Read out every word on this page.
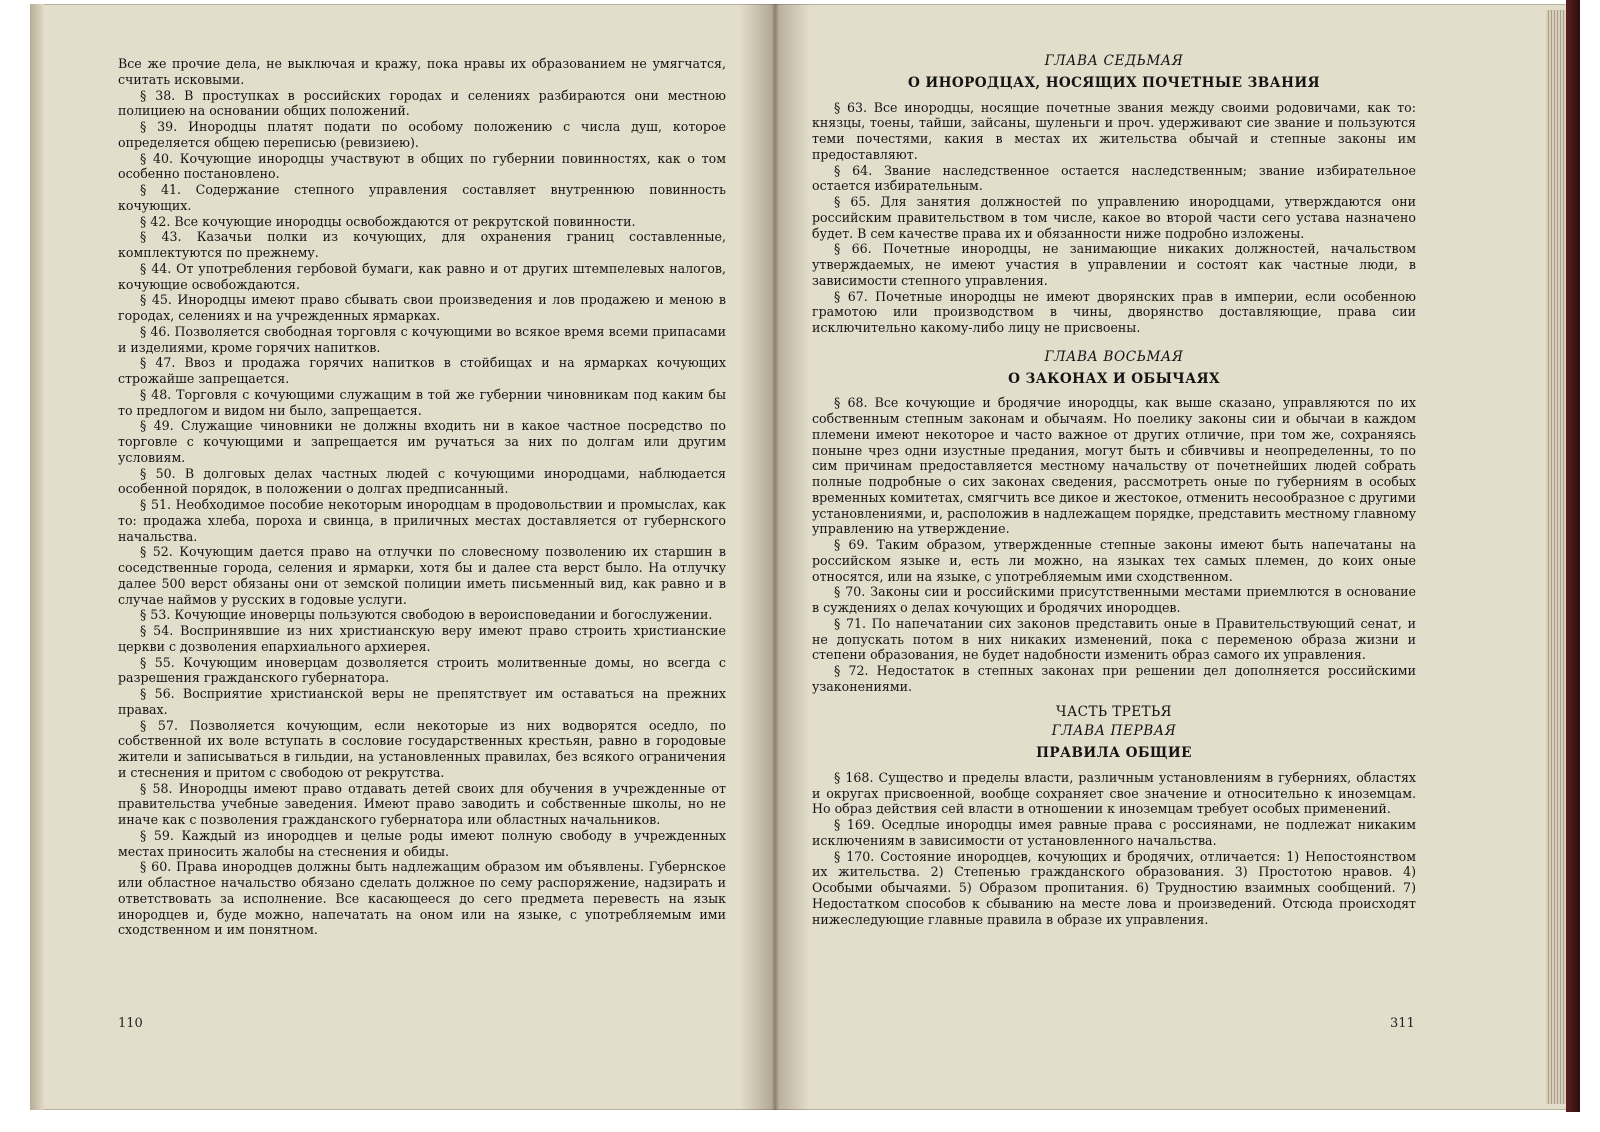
Все же прочие дела, не выключая и кражу, пока нравы их образованием не умягчатся, считать исковыми.

§ 38. В проступках в российских городах и селениях разбираются они местною полициею на основании общих положений.

§ 39. Инородцы платят подати по особому положению с числа душ, которое определяется общею переписью (ревизиею).

§ 40. Кочующие инородцы участвуют в общих по губернии повинностях, как о том особенно постановлено.

§ 41. Содержание степного управления составляет внутреннюю повинность кочующих.

§ 42. Все кочующие инородцы освобождаются от рекрутской повинности.

§ 43. Казачьи полки из кочующих, для охранения границ составленные, комплектуются по прежнему.

§ 44. От употребления гербовой бумаги, как равно и от других штемпелевых налогов, кочующие освобождаются.

§ 45. Инородцы имеют право сбывать свои произведения и лов продажею и меною в городах, селениях и на учрежденных ярмарках.

§ 46. Позволяется свободная торговля с кочующими во всякое время всеми припасами и изделиями, кроме горячих напитков.

§ 47. Ввоз и продажа горячих напитков в стойбищах и на ярмарках кочующих строжайше запрещается.

§ 48. Торговля с кочующими служащим в той же губернии чиновникам под каким бы то предлогом и видом ни было, запрещается.

§ 49. Служащие чиновники не должны входить ни в какое частное посредство по торговле с кочующими и запрещается им ручаться за них по долгам или другим условиям.

§ 50. В долговых делах частных людей с кочующими инородцами, наблюдается особенной порядок, в положении о долгах предписанный.

§ 51. Необходимое пособие некоторым инородцам в продовольствии и промыслах, как то: продажа хлеба, пороха и свинца, в приличных местах доставляется от губернского начальства.

§ 52. Кочующим дается право на отлучки по словесному позволению их старшин в соседственные города, селения и ярмарки, хотя бы и далее ста верст было. На отлучку далее 500 верст обязаны они от земской полиции иметь письменный вид, как равно и в случае наймов у русских в годовые услуги.

§ 53. Кочующие иноверцы пользуются свободою в вероисповедании и богослужении.

§ 54. Воспринявшие из них христианскую веру имеют право строить христианские церкви с дозволения епархиального архиерея.

§ 55. Кочующим иноверцам дозволяется строить молитвенные домы, но всегда с разрешения гражданского губернатора.

§ 56. Восприятие христианской веры не препятствует им оставаться на прежних правах.

§ 57. Позволяется кочующим, если некоторые из них водворятся оседло, по собственной их воле вступать в сословие государственных крестьян, равно в городовые жители и записываться в гильдии, на установленных правилах, без всякого ограничения и стеснения и притом с свободою от рекрутства.

§ 58. Инородцы имеют право отдавать детей своих для обучения в учрежденные от правительства учебные заведения. Имеют право заводить и собственные школы, но не иначе как с позволения гражданского губернатора или областных начальников.

§ 59. Каждый из инородцев и целые роды имеют полную свободу в учрежденных местах приносить жалобы на стеснения и обиды.

§ 60. Права инородцев должны быть надлежащим образом им объявлены. Губернское или областное начальство обязано сделать должное по сему распоряжение, надзирать и ответствовать за исполнение. Все касающееся до сего предмета перевесть на язык инородцев и, буде можно, напечатать на оном или на языке, с употребляемым ими сходственном и им понятном.

110
ГЛАВА СЕДЬМАЯ
О ИНОРОДЦАХ, НОСЯЩИХ ПОЧЕТНЫЕ ЗВАНИЯ

§ 63. Все инородцы, носящие почетные звания между своими родовичами, как то: князцы, тоены, тайши, зайсаны, шуленьги и проч. удерживают сие звание и пользуются теми почестями, какия в местах их жительства обычай и степные законы им предоставляют.

§ 64. Звание наследственное остается наследственным; звание избирательное остается избирательным.

§ 65. Для занятия должностей по управлению инородцами, утверждаются они российским правительством в том числе, какое во второй части сего устава назначено будет. В сем качестве права их и обязанности ниже подробно изложены.

§ 66. Почетные инородцы, не занимающие никаких должностей, начальством утверждаемых, не имеют участия в управлении и состоят как частные люди, в зависимости степного управления.

§ 67. Почетные инородцы не имеют дворянских прав в империи, если особенною грамотою или производством в чины, дворянство доставляющие, права сии исключительно какому-либо лицу не присвоены.

ГЛАВА ВОСЬМАЯ
О ЗАКОНАХ И ОБЫЧАЯХ

§ 68. Все кочующие и бродячие инородцы, как выше сказано, управляются по их собственным степным законам и обычаям. Но поелику законы сии и обычаи в каждом племени имеют некоторое и часто важное от других отличие, при том же, сохраняясь поныне чрез одни изустные предания, могут быть и сбивчивы и неопределенны, то по сим причинам предоставляется местному начальству от почетнейших людей собрать полные подробные о сих законах сведения, рассмотреть оные по губерниям в особых временных комитетах, смягчить все дикое и жестокое, отменить несообразное с другими установлениями, и, расположив в надлежащем порядке, представить местному главному управлению на утверждение.

§ 69. Таким образом, утвержденные степные законы имеют быть напечатаны на российском языке и, есть ли можно, на языках тех самых племен, до коих оные относятся, или на языке, с употребляемым ими сходственном.

§ 70. Законы сии и российскими присутственными местами приемлются в основание в суждениях о делах кочующих и бродячих инородцев.

§ 71. По напечатании сих законов представить оные в Правительствующий сенат, и не допускать потом в них никаких изменений, пока с переменою образа жизни и степени образования, не будет надобности изменить образ самого их управления.

§ 72. Недостаток в степных законах при решении дел дополняется российскими узаконениями.

ЧАСТЬ ТРЕТЬЯ
ГЛАВА ПЕРВАЯ
ПРАВИЛА ОБЩИЕ

§ 168. Существо и пределы власти, различным установлениям в губерниях, областях и округах присвоенной, вообще сохраняет свое значение и относительно к иноземцам. Но образ действия сей власти в отношении к иноземцам требует особых применений.

§ 169. Оседлые инородцы имея равные права с россиянами, не подлежат никаким исключениям в зависимости от установленного начальства.

§ 170. Состояние инородцев, кочующих и бродячих, отличается: 1) Непостоянством их жительства. 2) Степенью гражданского образования. 3) Простотою нравов. 4) Особыми обычаями. 5) Образом пропитания. 6) Трудностию взаимных сообщений. 7) Недостатком способов к сбыванию на месте лова и произведений. Отсюда происходят нижеследующие главные правила в образе их управления.

311
